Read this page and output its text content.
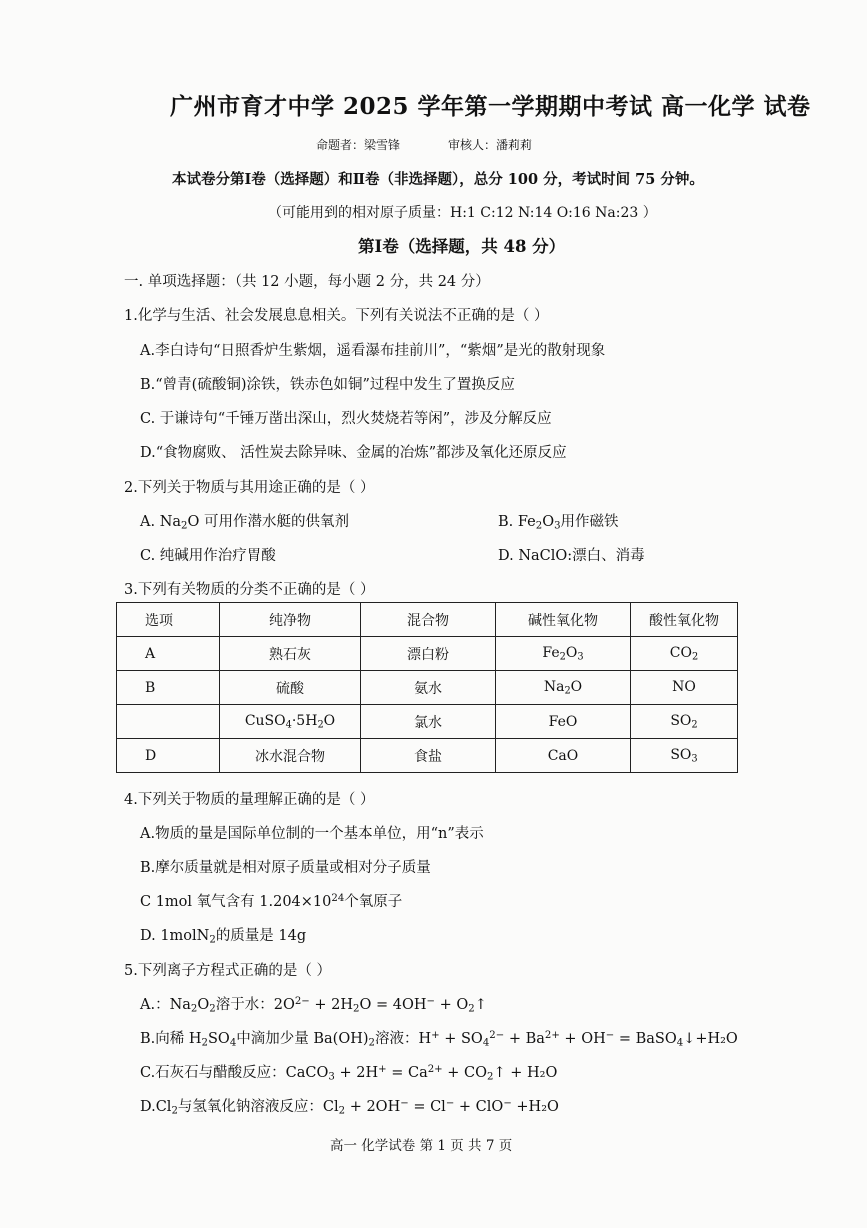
广州市育才中学 2025 学年第一学期期中考试 高一化学 试卷
命题者：梁雪锋	审核人：潘莉莉
本试卷分第Ⅰ卷（选择题）和Ⅱ卷（非选择题），总分 100 分，考试时间 75 分钟。
（可能用到的相对原子质量：H:1 C:12 N:14 O:16 Na:23 ）
第Ⅰ卷（选择题，共 48 分）
一. 单项选择题：（共 12 小题，每小题 2 分，共 24 分）
1.化学与生活、社会发展息息相关。下列有关说法不正确的是（ ）
A.李白诗句“日照香炉生紫烟，遥看瀑布挂前川”，“紫烟”是光的散射现象
B.“曾青(硫酸铜)涂铁，铁赤色如铜”过程中发生了置换反应
C. 于谦诗句“千锤万凿出深山，烈火焚烧若等闲”，涉及分解反应
D.“食物腐败、 活性炭去除异味、金属的冶炼”都涉及氧化还原反应
2.下列关于物质与其用途正确的是（ ）
A. Na2O 可用作潜水艇的供氧剂	B. Fe2O3用作磁铁
C. 纯碱用作治疗胃酸	D. NaClO:漂白、消毒
3.下列有关物质的分类不正确的是（ ）
选项	纯净物	混合物	碱性氧化物	酸性氧化物
A	熟石灰	漂白粉	Fe2O3	CO2
B	硫酸	氨水	Na2O	NO
	CuSO4·5H2O	氯水	FeO	SO2
D	冰水混合物	食盐	CaO	SO3
4.下列关于物质的量理解正确的是（ ）
A.物质的量是国际单位制的一个基本单位，用“n”表示
B.摩尔质量就是相对原子质量或相对分子质量
C 1mol 氧气含有 $1.204\times 10^{24}$个氧原子
D. 1molN2的质量是 14g
5.下列离子方程式正确的是（ ）
A.：Na2O2溶于水：$2O^{2-} + 2H2O = 4OH^-$ + O2↑
B.向稀 H2SO4中滴加少量 Ba(OH)2溶液：$H^+ + SO4^{2-} + Ba^{2+} + OH^-$ = BaSO4↓+H₂O
C.石灰石与醋酸反应：CaCO3 + $2H^+ = Ca^{2+}$ + CO2↑ + H₂O
D.Cl2与氢氧化钠溶液反应：Cl2 + 2OH− = Cl− + ClO− +H₂O
高一 化学试卷 第 1 页 共 7 页
